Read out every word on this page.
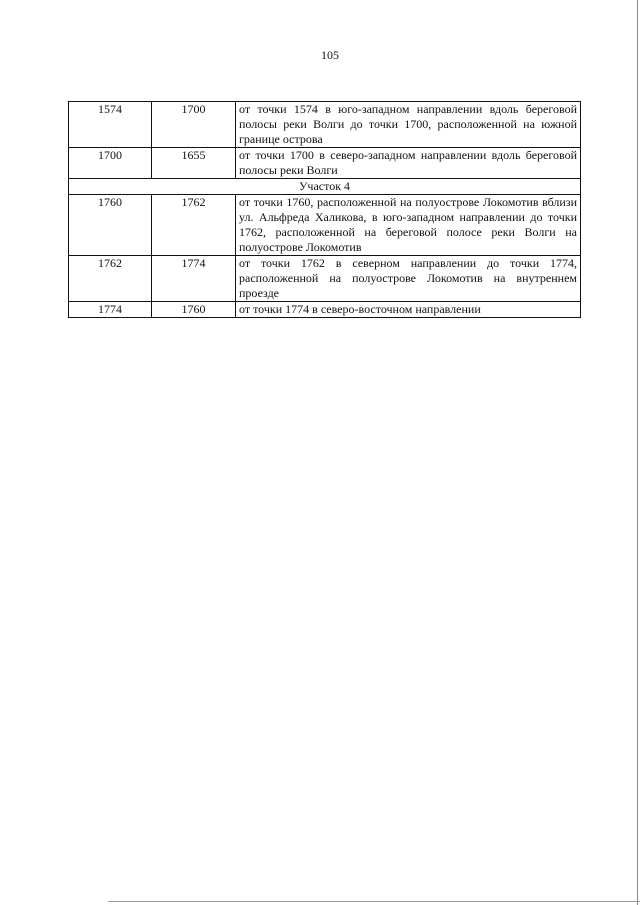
105
1574	1700	от точки 1574 в юго-западном направлении вдоль береговой полосы реки Волги до точки 1700, расположенной на южной границе острова
1700	1655	от точки 1700 в северо-западном направлении вдоль береговой полосы реки Волги
Участок 4		
1760	1762	от точки 1760, расположенной на полуострове Локомотив вблизи ул. Альфреда Халикова, в юго-западном направлении до точки 1762, расположенной на береговой полосе реки Волги на полуострове Локомотив
1762	1774	от точки 1762 в северном направлении до точки 1774, расположенной на полуострове Локомотив на внутреннем проезде
1774	1760	от точки 1774 в северо-восточном направлении
